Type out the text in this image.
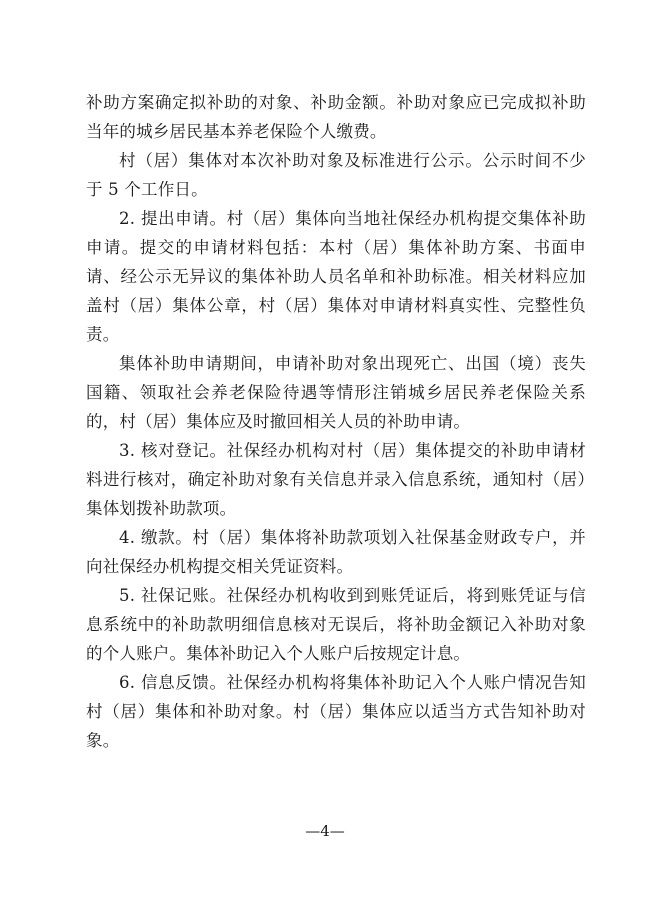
补助方案确定拟补助的对象、补助金额。补助对象应已完成拟补助当年的城乡居民基本养老保险个人缴费。

村（居）集体对本次补助对象及标准进行公示。公示时间不少于 5 个工作日。

2. 提出申请。村（居）集体向当地社保经办机构提交集体补助申请。提交的申请材料包括：本村（居）集体补助方案、书面申请、经公示无异议的集体补助人员名单和补助标准。相关材料应加盖村（居）集体公章，村（居）集体对申请材料真实性、完整性负责。

集体补助申请期间，申请补助对象出现死亡、出国（境）丧失国籍、领取社会养老保险待遇等情形注销城乡居民养老保险关系的，村（居）集体应及时撤回相关人员的补助申请。

3. 核对登记。社保经办机构对村（居）集体提交的补助申请材料进行核对，确定补助对象有关信息并录入信息系统，通知村（居）集体划拨补助款项。

4. 缴款。村（居）集体将补助款项划入社保基金财政专户，并向社保经办机构提交相关凭证资料。

5. 社保记账。社保经办机构收到到账凭证后，将到账凭证与信息系统中的补助款明细信息核对无误后，将补助金额记入补助对象的个人账户。集体补助记入个人账户后按规定计息。

6. 信息反馈。社保经办机构将集体补助记入个人账户情况告知村（居）集体和补助对象。村（居）集体应以适当方式告知补助对象。

—4—
